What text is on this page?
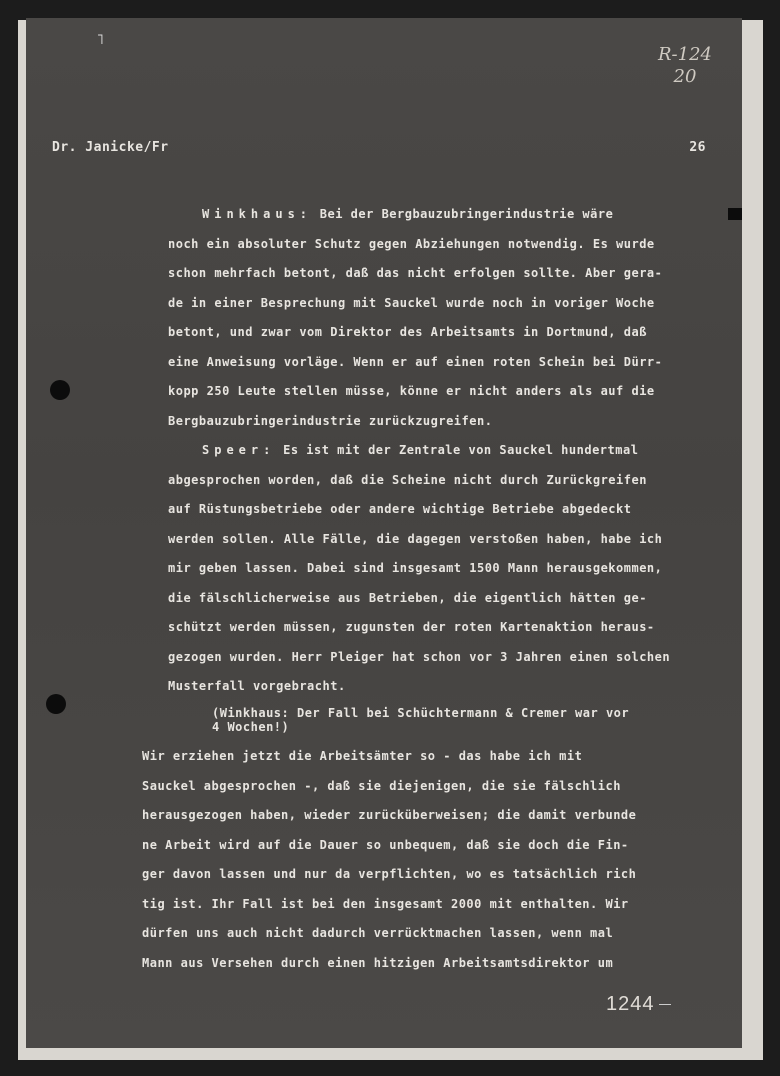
˥
R-124
20
Dr. Janicke/Fr	26

Winkhaus: Bei der Bergbauzubringerindustrie wäre
noch ein absoluter Schutz gegen Abziehungen notwendig. Es wurde
schon mehrfach betont, daß das nicht erfolgen sollte. Aber gera-
de in einer Besprechung mit Sauckel wurde noch in voriger Woche
betont, und zwar vom Direktor des Arbeitsamts in Dortmund, daß
eine Anweisung vorläge. Wenn er auf einen roten Schein bei Dürr-
kopp 250 Leute stellen müsse, könne er nicht anders als auf die
Bergbauzubringerindustrie zurückzugreifen.

Speer: Es ist mit der Zentrale von Sauckel hundertmal
abgesprochen worden, daß die Scheine nicht durch Zurückgreifen
auf Rüstungsbetriebe oder andere wichtige Betriebe abgedeckt
werden sollen. Alle Fälle, die dagegen verstoßen haben, habe ich
mir geben lassen. Dabei sind insgesamt 1500 Mann herausgekommen,
die fälschlicherweise aus Betrieben, die eigentlich hätten ge-
schützt werden müssen, zugunsten der roten Kartenaktion heraus-
gezogen wurden. Herr Pleiger hat schon vor 3 Jahren einen solchen
Musterfall vorgebracht.

(Winkhaus: Der Fall bei Schüchtermann & Cremer war vor
4 Wochen!)

Wir erziehen jetzt die Arbeitsämter so - das habe ich mit
Sauckel abgesprochen -, daß sie diejenigen, die sie fälschlich
herausgezogen haben, wieder zurücküberweisen; die damit verbunde
ne Arbeit wird auf die Dauer so unbequem, daß sie doch die Fin-
ger davon lassen und nur da verpflichten, wo es tatsächlich rich
tig ist. Ihr Fall ist bei den insgesamt 2000 mit enthalten. Wir
dürfen uns auch nicht dadurch verrücktmachen lassen, wenn mal
Mann aus Versehen durch einen hitzigen Arbeitsamtsdirektor um

1244
